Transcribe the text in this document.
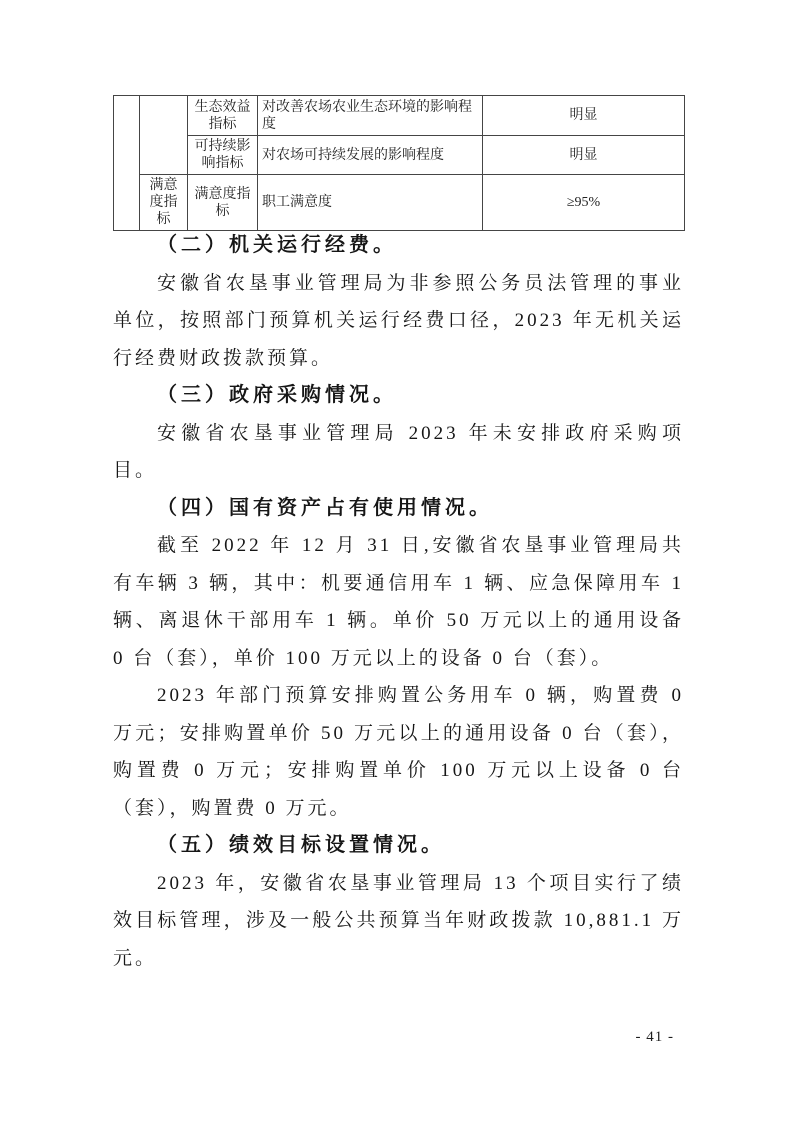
		生态效益指标	对改善农场农业生态环境的影响程度	明显
		可持续影响指标	对农场可持续发展的影响程度	明显
	满意度指标	满意度指标	职工满意度	≥95%
（二）机关运行经费。

安徽省农垦事业管理局为非参照公务员法管理的事业单位，按照部门预算机关运行经费口径，2023 年无机关运行经费财政拨款预算。

（三）政府采购情况。

安徽省农垦事业管理局 2023 年未安排政府采购项目。

（四）国有资产占有使用情况。

截至 2022 年 12 月 31 日,安徽省农垦事业管理局共有车辆 3 辆，其中：机要通信用车 1 辆、应急保障用车 1 辆、离退休干部用车 1 辆。单价 50 万元以上的通用设备 0 台（套），单价 100 万元以上的设备 0 台（套）。

2023 年部门预算安排购置公务用车 0 辆，购置费 0 万元；安排购置单价 50 万元以上的通用设备 0 台（套），购置费 0 万元；安排购置单价 100 万元以上设备 0 台（套），购置费 0 万元。

（五）绩效目标设置情况。

2023 年，安徽省农垦事业管理局 13 个项目实行了绩效目标管理，涉及一般公共预算当年财政拨款 10,881.1 万元。

- 41 -
